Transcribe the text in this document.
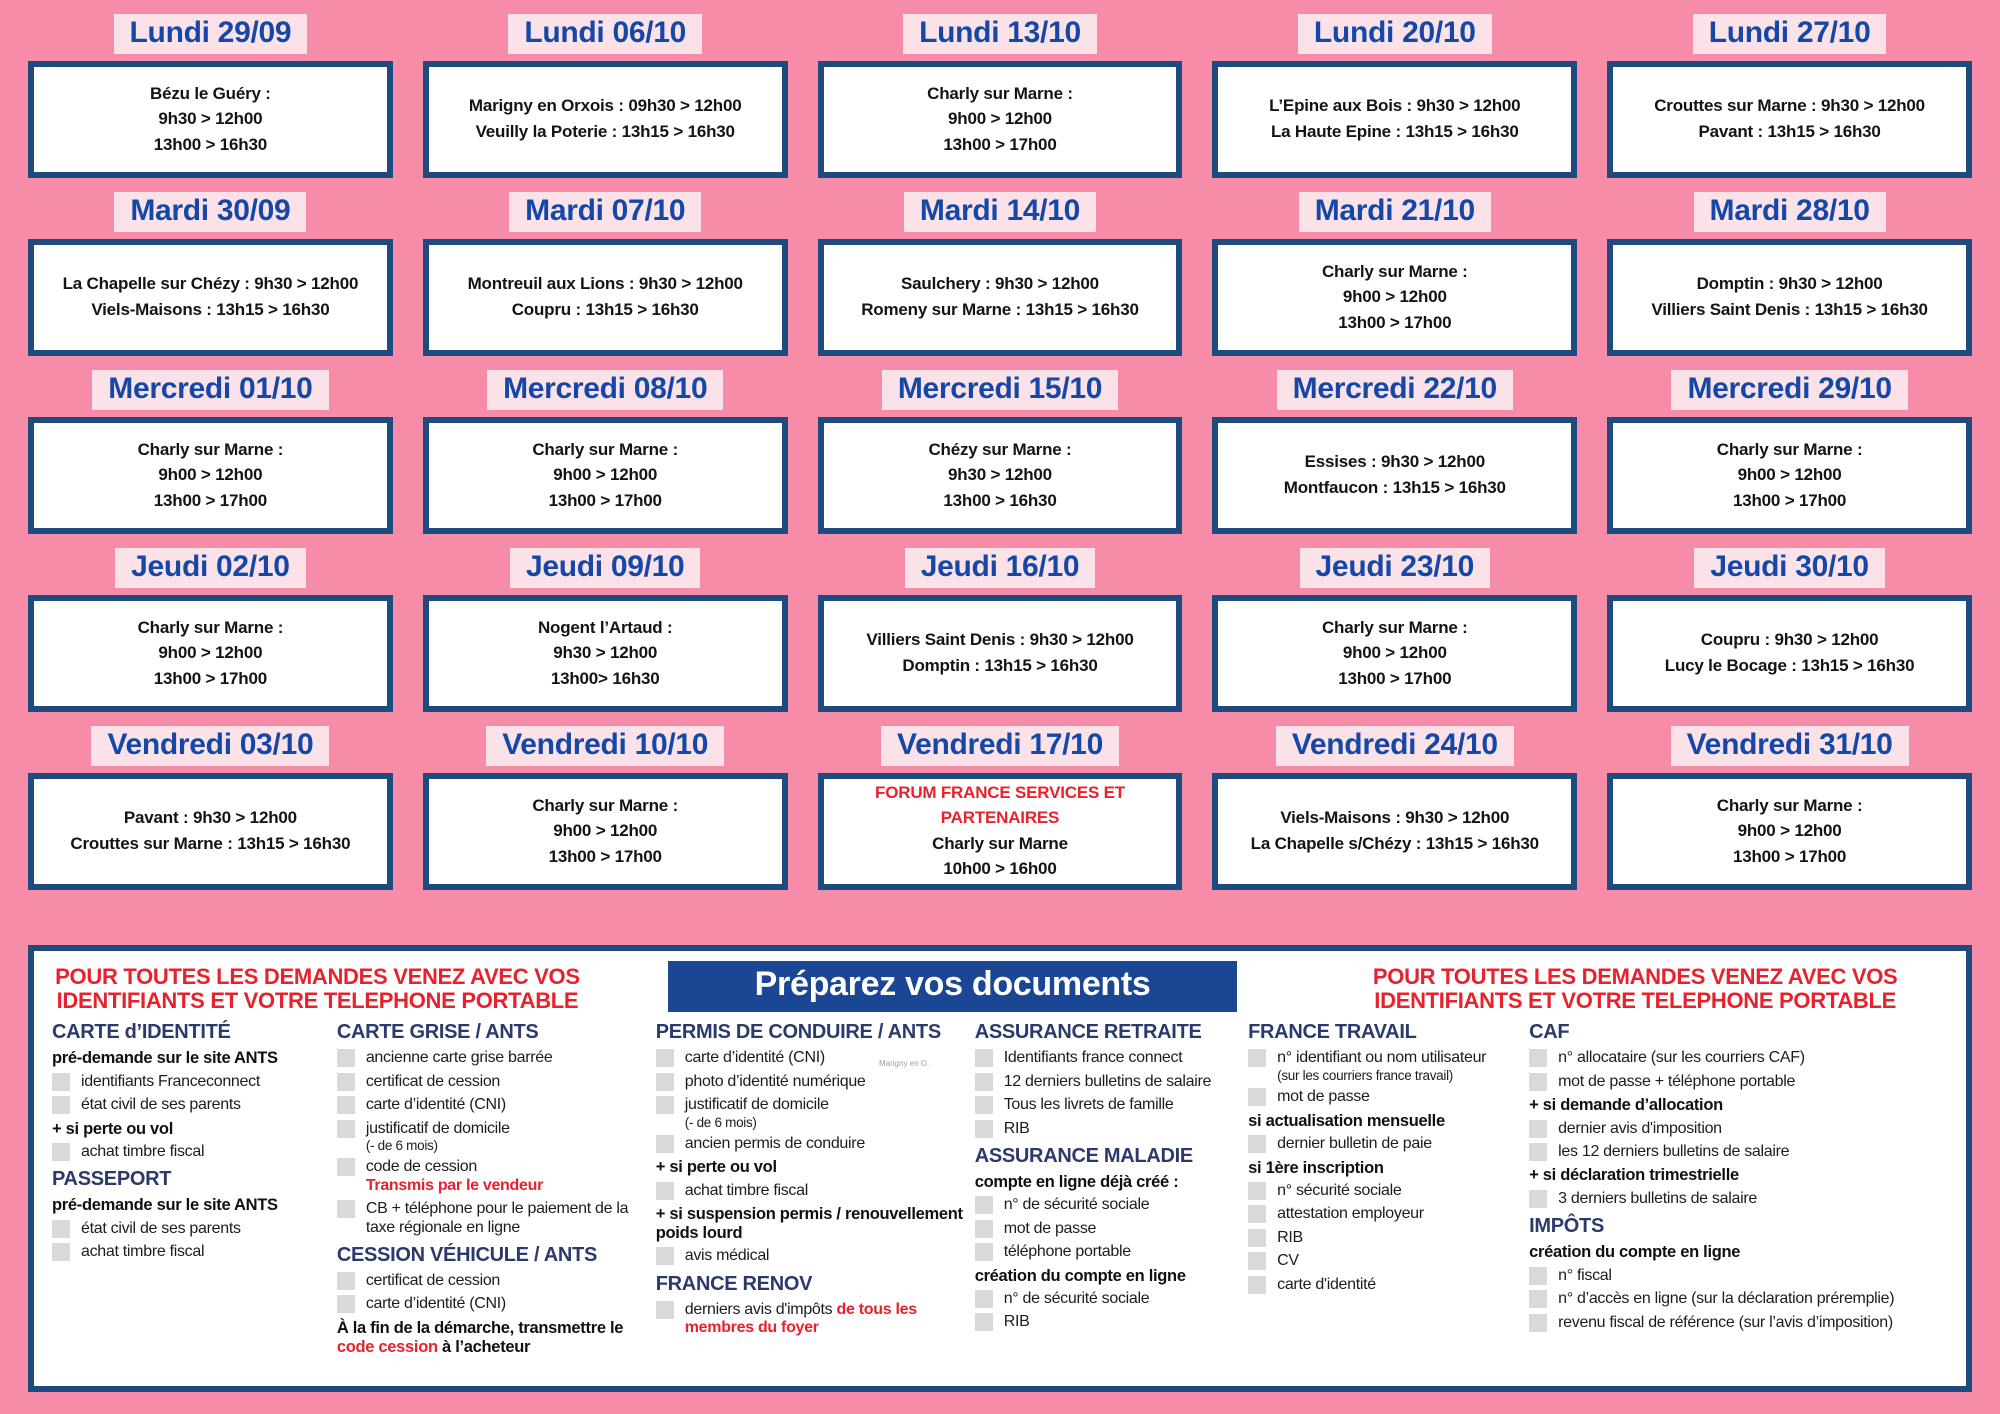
Lundi 29/09
Bézu le Guéry :
9h30 > 12h00
13h00 > 16h30
Lundi 06/10
Marigny en Orxois : 09h30 > 12h00
Veuilly la Poterie : 13h15 > 16h30
Lundi 13/10
Charly sur Marne :
9h00 > 12h00
13h00 > 17h00
Lundi 20/10
L’Epine aux Bois : 9h30 > 12h00
La Haute Epine : 13h15 > 16h30
Lundi 27/10
Crouttes sur Marne : 9h30 > 12h00
Pavant : 13h15 > 16h30
Mardi 30/09
La Chapelle sur Chézy : 9h30 > 12h00
Viels-Maisons : 13h15 > 16h30
Mardi 07/10
Montreuil aux Lions : 9h30 > 12h00
Coupru : 13h15 > 16h30
Mardi 14/10
Saulchery : 9h30 > 12h00
Romeny sur Marne : 13h15 > 16h30
Mardi 21/10
Charly sur Marne :
9h00 > 12h00
13h00 > 17h00
Mardi 28/10
Domptin : 9h30 > 12h00
Villiers Saint Denis : 13h15 > 16h30
Mercredi 01/10
Charly sur Marne :
9h00 > 12h00
13h00 > 17h00
Mercredi 08/10
Charly sur Marne :
9h00 > 12h00
13h00 > 17h00
Mercredi 15/10
Chézy sur Marne :
9h30 > 12h00
13h00 > 16h30
Mercredi 22/10
Essises : 9h30 > 12h00
Montfaucon : 13h15 > 16h30
Mercredi 29/10
Charly sur Marne :
9h00 > 12h00
13h00 > 17h00
Jeudi 02/10
Charly sur Marne :
9h00 > 12h00
13h00 > 17h00
Jeudi 09/10
Nogent l’Artaud :
9h30 > 12h00
13h00> 16h30
Jeudi 16/10
Villiers Saint Denis : 9h30 > 12h00
Domptin : 13h15 > 16h30
Jeudi 23/10
Charly sur Marne :
9h00 > 12h00
13h00 > 17h00
Jeudi 30/10
Coupru : 9h30 > 12h00
Lucy le Bocage : 13h15 > 16h30
Vendredi 03/10
Pavant : 9h30 > 12h00
Crouttes sur Marne : 13h15 > 16h30
Vendredi 10/10
Charly sur Marne :
9h00 > 12h00
13h00 > 17h00
Vendredi 17/10
FORUM FRANCE SERVICES ET
PARTENAIRES
Charly sur Marne
10h00 > 16h00
Vendredi 24/10
Viels-Maisons : 9h30 > 12h00
La Chapelle s/Chézy : 13h15 > 16h30
Vendredi 31/10
Charly sur Marne :
9h00 > 12h00
13h00 > 17h00
POUR TOUTES LES DEMANDES VENEZ AVEC VOS IDENTIFIANTS ET VOTRE TELEPHONE PORTABLE	Préparez vos documents	POUR TOUTES LES DEMANDES VENEZ AVEC VOS IDENTIFIANTS ET VOTRE TELEPHONE PORTABLE
CARTE d’IDENTITÉ
pré-demande sur le site ANTS
identifiants Franceconnect
état civil de ses parents
+ si perte ou vol
achat timbre fiscal
PASSEPORT
pré-demande sur le site ANTS
état civil de ses parents
achat timbre fiscal
CARTE GRISE / ANTS
ancienne carte grise barrée
certificat de cession
carte d’identité (CNI)
justificatif de domicile
(- de 6 mois)
code de cession
Transmis par le vendeur
CB + téléphone pour le paiement de la taxe régionale en ligne
CESSION VÉHICULE / ANTS
certificat de cession
carte d’identité (CNI)
À la fin de la démarche, transmettre le code cession à l’acheteur
PERMIS DE CONDUIRE / ANTS
carte d’identité (CNI)
photo d’identité numérique
justificatif de domicile
(- de 6 mois)
ancien permis de conduire
+ si perte ou vol
achat timbre fiscal
+ si suspension permis / renouvellement poids lourd
avis médical
FRANCE RENOV
derniers avis d'impôts de tous les membres du foyer
ASSURANCE RETRAITE
Identifiants france connect
12 derniers bulletins de salaire
Tous les livrets de famille
RIB
ASSURANCE MALADIE
compte en ligne déjà créé :
n° de sécurité sociale
mot de passe
téléphone portable
création du compte en ligne
n° de sécurité sociale
RIB
FRANCE TRAVAIL
n° identifiant ou nom utilisateur
(sur les courriers france travail)
mot de passe
si actualisation mensuelle
dernier bulletin de paie
si 1ère inscription
n° sécurité sociale
attestation employeur
RIB
CV
carte d'identité
CAF
n° allocataire (sur les courriers CAF)
mot de passe + téléphone portable
+ si demande d’allocation
dernier avis d'imposition
les 12 derniers bulletins de salaire
+ si déclaration trimestrielle
3 derniers bulletins de salaire
IMPÔTS
création du compte en ligne
n° fiscal
n° d’accès en ligne (sur la déclaration préremplie)
revenu fiscal de référence (sur l’avis d’imposition)
Marigny en O.
